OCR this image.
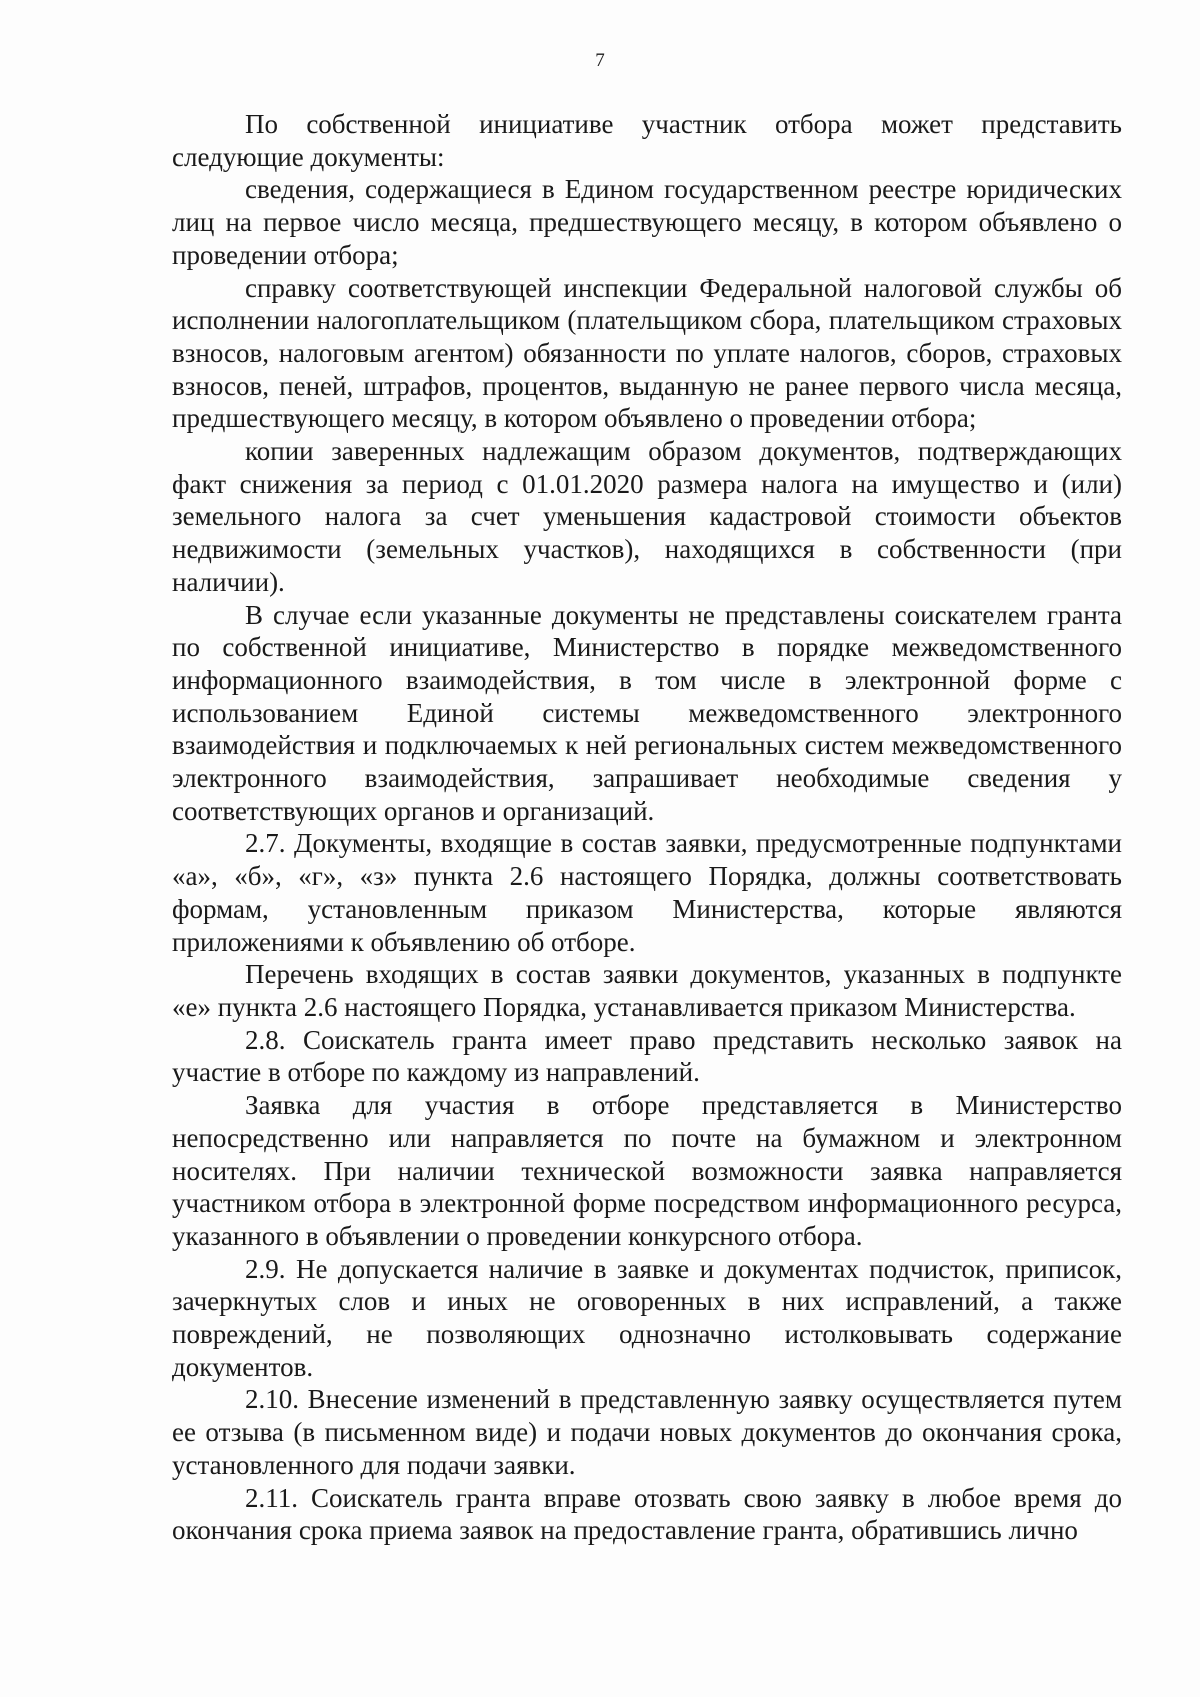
7

По собственной инициативе участник отбора может представить следующие документы:

сведения, содержащиеся в Едином государственном реестре юридических лиц на первое число месяца, предшествующего месяцу, в котором объявлено о проведении отбора;

справку соответствующей инспекции Федеральной налоговой службы об исполнении налогоплательщиком (плательщиком сбора, плательщиком страховых взносов, налоговым агентом) обязанности по уплате налогов, сборов, страховых взносов, пеней, штрафов, процентов, выданную не ранее первого числа месяца, предшествующего месяцу, в котором объявлено о проведении отбора;

копии заверенных надлежащим образом документов, подтверждающих факт снижения за период с 01.01.2020 размера налога на имущество и (или) земельного налога за счет уменьшения кадастровой стоимости объектов недвижимости (земельных участков), находящихся в собственности (при наличии).

В случае если указанные документы не представлены соискателем гранта по собственной инициативе, Министерство в порядке межведомственного информационного взаимодействия, в том числе в электронной форме с использованием Единой системы межведомственного электронного взаимодействия и подключаемых к ней региональных систем межведомственного электронного взаимодействия, запрашивает необходимые сведения у соответствующих органов и организаций.

2.7. Документы, входящие в состав заявки, предусмотренные подпунктами «а», «б», «г», «з» пункта 2.6 настоящего Порядка, должны соответствовать формам, установленным приказом Министерства, которые являются приложениями к объявлению об отборе.

Перечень входящих в состав заявки документов, указанных в подпункте «е» пункта 2.6 настоящего Порядка, устанавливается приказом Министерства.

2.8. Соискатель гранта имеет право представить несколько заявок на участие в отборе по каждому из направлений.

Заявка для участия в отборе представляется в Министерство непосредственно или направляется по почте на бумажном и электронном носителях. При наличии технической возможности заявка направляется участником отбора в электронной форме посредством информационного ресурса, указанного в объявлении о проведении конкурсного отбора.

2.9. Не допускается наличие в заявке и документах подчисток, приписок, зачеркнутых слов и иных не оговоренных в них исправлений, а также повреждений, не позволяющих однозначно истолковывать содержание документов.

2.10. Внесение изменений в представленную заявку осуществляется путем ее отзыва (в письменном виде) и подачи новых документов до окончания срока, установленного для подачи заявки.

2.11. Соискатель гранта вправе отозвать свою заявку в любое время до окончания срока приема заявок на предоставление гранта, обратившись лично
